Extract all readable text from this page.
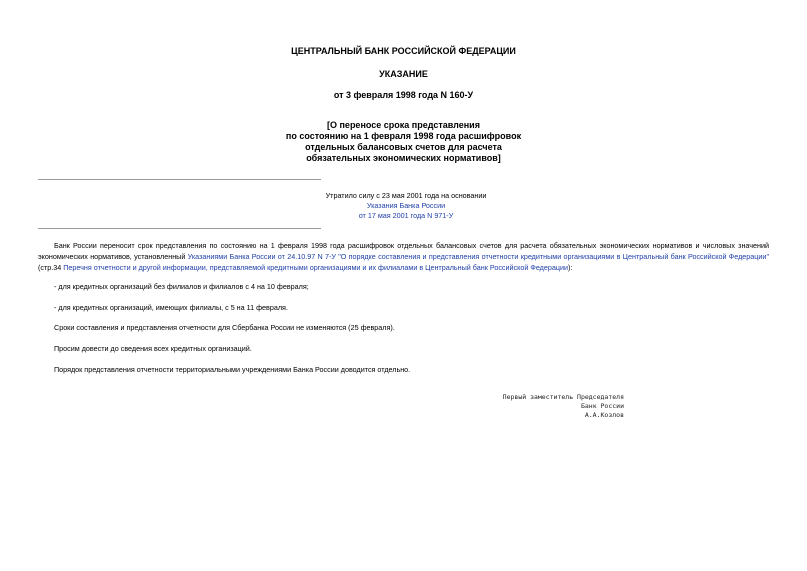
ЦЕНТРАЛЬНЫЙ БАНК РОССИЙСКОЙ ФЕДЕРАЦИИ
УКАЗАНИЕ
от 3 февраля 1998 года N 160-У
[О переносе срока представления
по состоянию на 1 февраля 1998 года расшифровок
отдельных балансовых счетов для расчета
обязательных экономических нормативов]
Утратило силу с 23 мая 2001 года на основании
Указания Банка России
от 17 мая 2001 года N 971-У
Банк России переносит срок представления по состоянию на 1 февраля 1998 года расшифровок отдельных балансовых счетов для расчета обязательных экономических нормативов и числовых значений экономических нормативов, установленный Указаниями Банка России от 24.10.97 N 7-У "О порядке составления и представления отчетности кредитными организациями в Центральный банк Российской Федерации" (стр.34 Перечня отчетности и другой информации, представляемой кредитными организациями и их филиалами в Центральный банк Российской Федерации):
- для кредитных организаций без филиалов и филиалов с 4 на 10 февраля;
- для кредитных организаций, имеющих филиалы, с 5 на 11 февраля.
Сроки составления и представления отчетности для Сбербанка России не изменяются (25 февраля).
Просим довести до сведения всех кредитных организаций.
Порядок представления отчетности территориальными учреждениями Банка России доводится отдельно.
Первый заместитель Председателя
Банк России
А.А.Козлов
